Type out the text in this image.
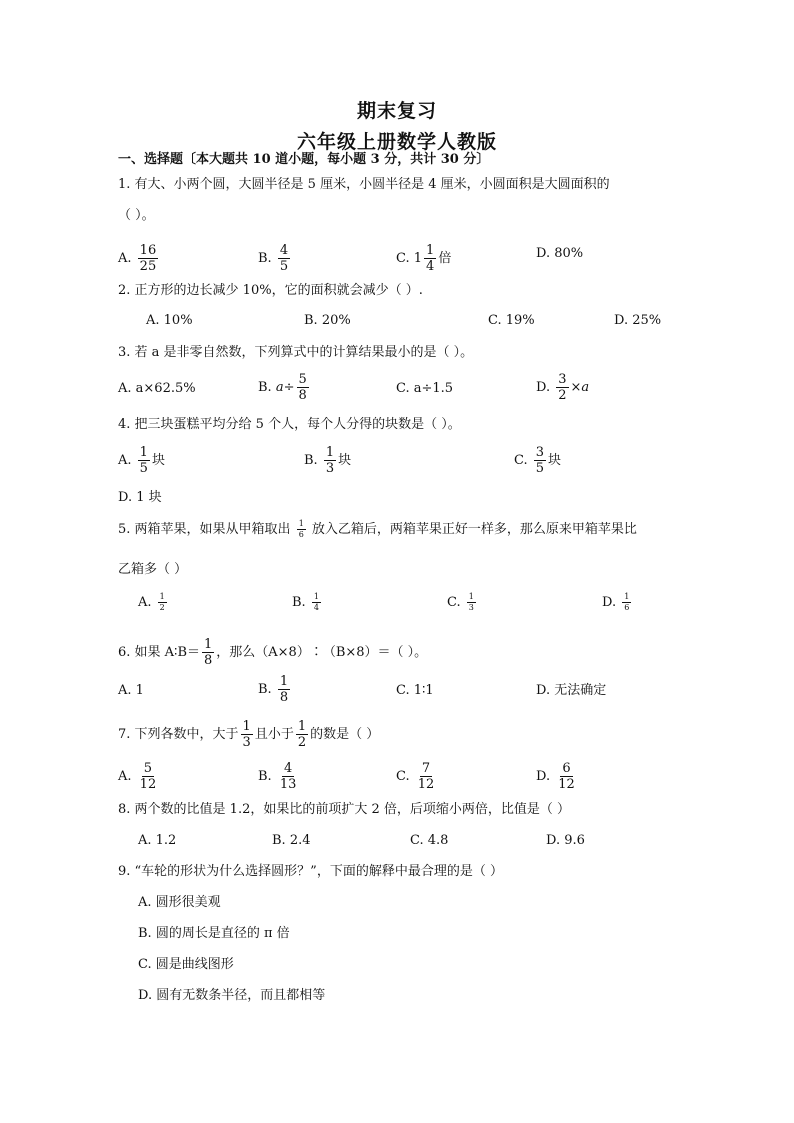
期末复习
六年级上册数学人教版
一、选择题〔本大题共 10 道小题，每小题 3 分，共计 30 分〕
1. 有大、小两个圆，大圆半径是 5 厘米，小圆半径是 4 厘米，小圆面积是大圆面积的
（ ）。
A. $\frac{16}{25}$	B. $\frac{4}{5}$	C. $1 \frac{1}{4}$ 倍	D. 80%
2. 正方形的边长减少 10%，它的面积就会减少（ ）.
A. 10%	B. 20%	C. 19%	D. 25%
3. 若 a 是非零自然数，下列算式中的计算结果最小的是（ ）。
A. a×62.5%	B. $a\div \frac{5}{8}$	C. a÷1.5	D. $\frac{3}{2} \times a$
4. 把三块蛋糕平均分给 5 个人，每个人分得的块数是（ ）。
A. $\frac{1}{5}$ 块	B. $\frac{1}{3}$ 块	C. $\frac{3}{5}$ 块
D. 1 块
5. 两箱苹果，如果从甲箱取出 $\frac{1}{6}$ 放入乙箱后，两箱苹果正好一样多，那么原来甲箱苹果比
乙箱多（ ）
A. $\frac{1}{2}$	B. $\frac{1}{4}$	C. $\frac{1}{3}$	D. $\frac{1}{6}$
6. 如果 A∶B＝ $\frac{1}{8}$ ，那么（A×8）∶（B×8）＝（ ）。
A. 1	B. $\frac{1}{8}$	C. 1∶1	D. 无法确定
7. 下列各数中，大于 $\frac{1}{3}$ 且小于 $\frac{1}{2}$ 的数是（ ）
A. $\frac{5}{12}$	B. $\frac{4}{13}$	C. $\frac{7}{12}$	D. $\frac{6}{12}$
8. 两个数的比值是 1.2，如果比的前项扩大 2 倍，后项缩小两倍，比值是（ ）
A. 1.2	B. 2.4	C. 4.8	D. 9.6
9. “车轮的形状为什么选择圆形？”，下面的解释中最合理的是（ ）
A. 圆形很美观
B. 圆的周长是直径的 π 倍
C. 圆是曲线图形
D. 圆有无数条半径，而且都相等
